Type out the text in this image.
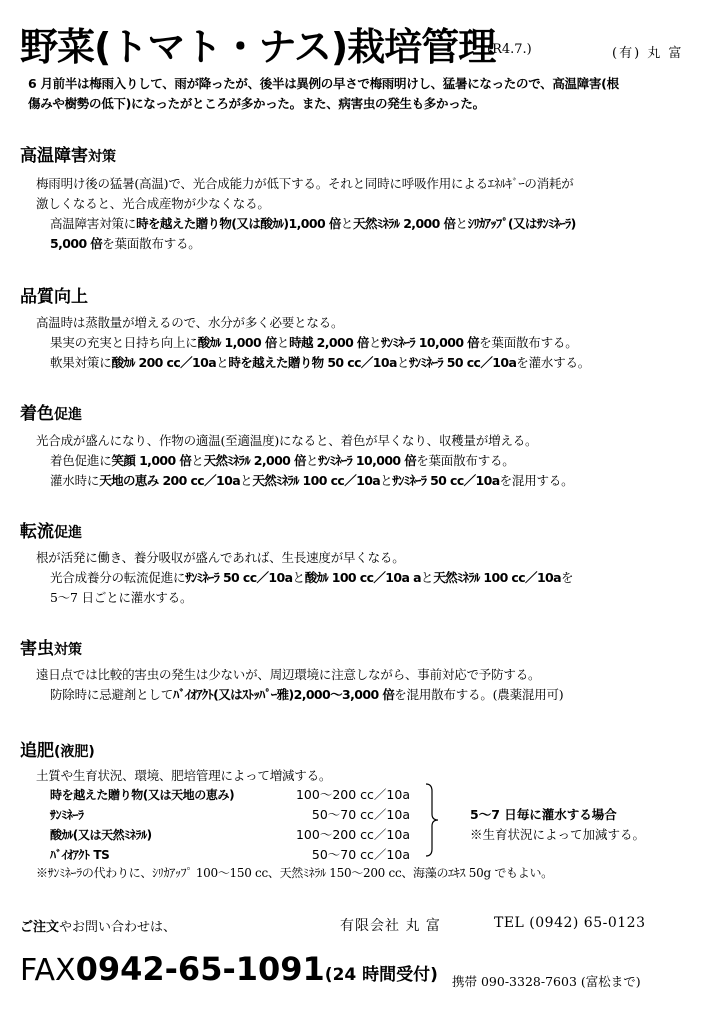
野菜(トマト・ナス)栽培管理
(R4.7.)	(有) 丸 富
6 月前半は梅雨入りして、雨が降ったが、後半は異例の早さで梅雨明けし、猛暑になったので、高温障害(根
傷みや樹勢の低下)になったがところが多かった。また、病害虫の発生も多かった。
高温障害対策
梅雨明け後の猛暑(高温)で、光合成能力が低下する。それと同時に呼吸作用によるｴﾈﾙｷﾞｰの消耗が
激しくなると、光合成産物が少なくなる。
高温障害対策に時を越えた贈り物(又は酸ｶﾙ)1,000 倍と天然ﾐﾈﾗﾙ 2,000 倍とｼﾘｶｱｯﾌﾟ(又はｻﾝﾐﾈｰﾗ)
5,000 倍を葉面散布する。
品質向上
高温時は蒸散量が増えるので、水分が多く必要となる。
果実の充実と日持ち向上に酸ｶﾙ 1,000 倍と時越 2,000 倍とｻﾝﾐﾈｰﾗ 10,000 倍を葉面散布する。
軟果対策に酸ｶﾙ 200 cc／10aと時を越えた贈り物 50 cc／10aとｻﾝﾐﾈｰﾗ 50 cc／10aを灌水する。
着色促進
光合成が盛んになり、作物の適温(至適温度)になると、着色が早くなり、収穫量が増える。
着色促進に笑顔 1,000 倍と天然ﾐﾈﾗﾙ 2,000 倍とｻﾝﾐﾈｰﾗ 10,000 倍を葉面散布する。
灌水時に天地の恵み 200 cc／10aと天然ﾐﾈﾗﾙ 100 cc／10aとｻﾝﾐﾈｰﾗ 50 cc／10aを混用する。
転流促進
根が活発に働き、養分吸収が盛んであれば、生長速度が早くなる。
光合成養分の転流促進にｻﾝﾐﾈｰﾗ 50 cc／10aと酸ｶﾙ 100 cc／10a aと天然ﾐﾈﾗﾙ 100 cc／10aを
5～7 日ごとに灌水する。
害虫対策
遠日点では比較的害虫の発生は少ないが、周辺環境に注意しながら、事前対応で予防する。
防除時に忌避剤としてﾊﾞｲｵｱｸﾄ(又はｽﾄｯﾊﾟｰ雅)2,000～3,000 倍を混用散布する。(農薬混用可)
追肥(液肥)
土質や生育状況、環境、肥培管理によって増減する。
時を越えた贈り物(又は天地の恵み)	100～200 cc／10a
ｻﾝﾐﾈｰﾗ	50～70 cc／10a
酸ｶﾙ(又は天然ﾐﾈﾗﾙ)	100～200 cc／10a
ﾊﾞｲｵｱｸﾄ TS	50～70 cc／10a
5～7 日毎に灌水する場合
※生育状況によって加減する。
※ｻﾝﾐﾈｰﾗの代わりに、ｼﾘｶｱｯﾌﾟ 100～150 cc、天然ﾐﾈﾗﾙ 150～200 cc、海藻のｴｷｽ 50g でもよい。
ご注文やお問い合わせは、	有限会社 丸 富	TEL (0942) 65-0123
FAX0942-65-1091(24 時間受付) 携帯 090-3328-7603 (富松まで)
